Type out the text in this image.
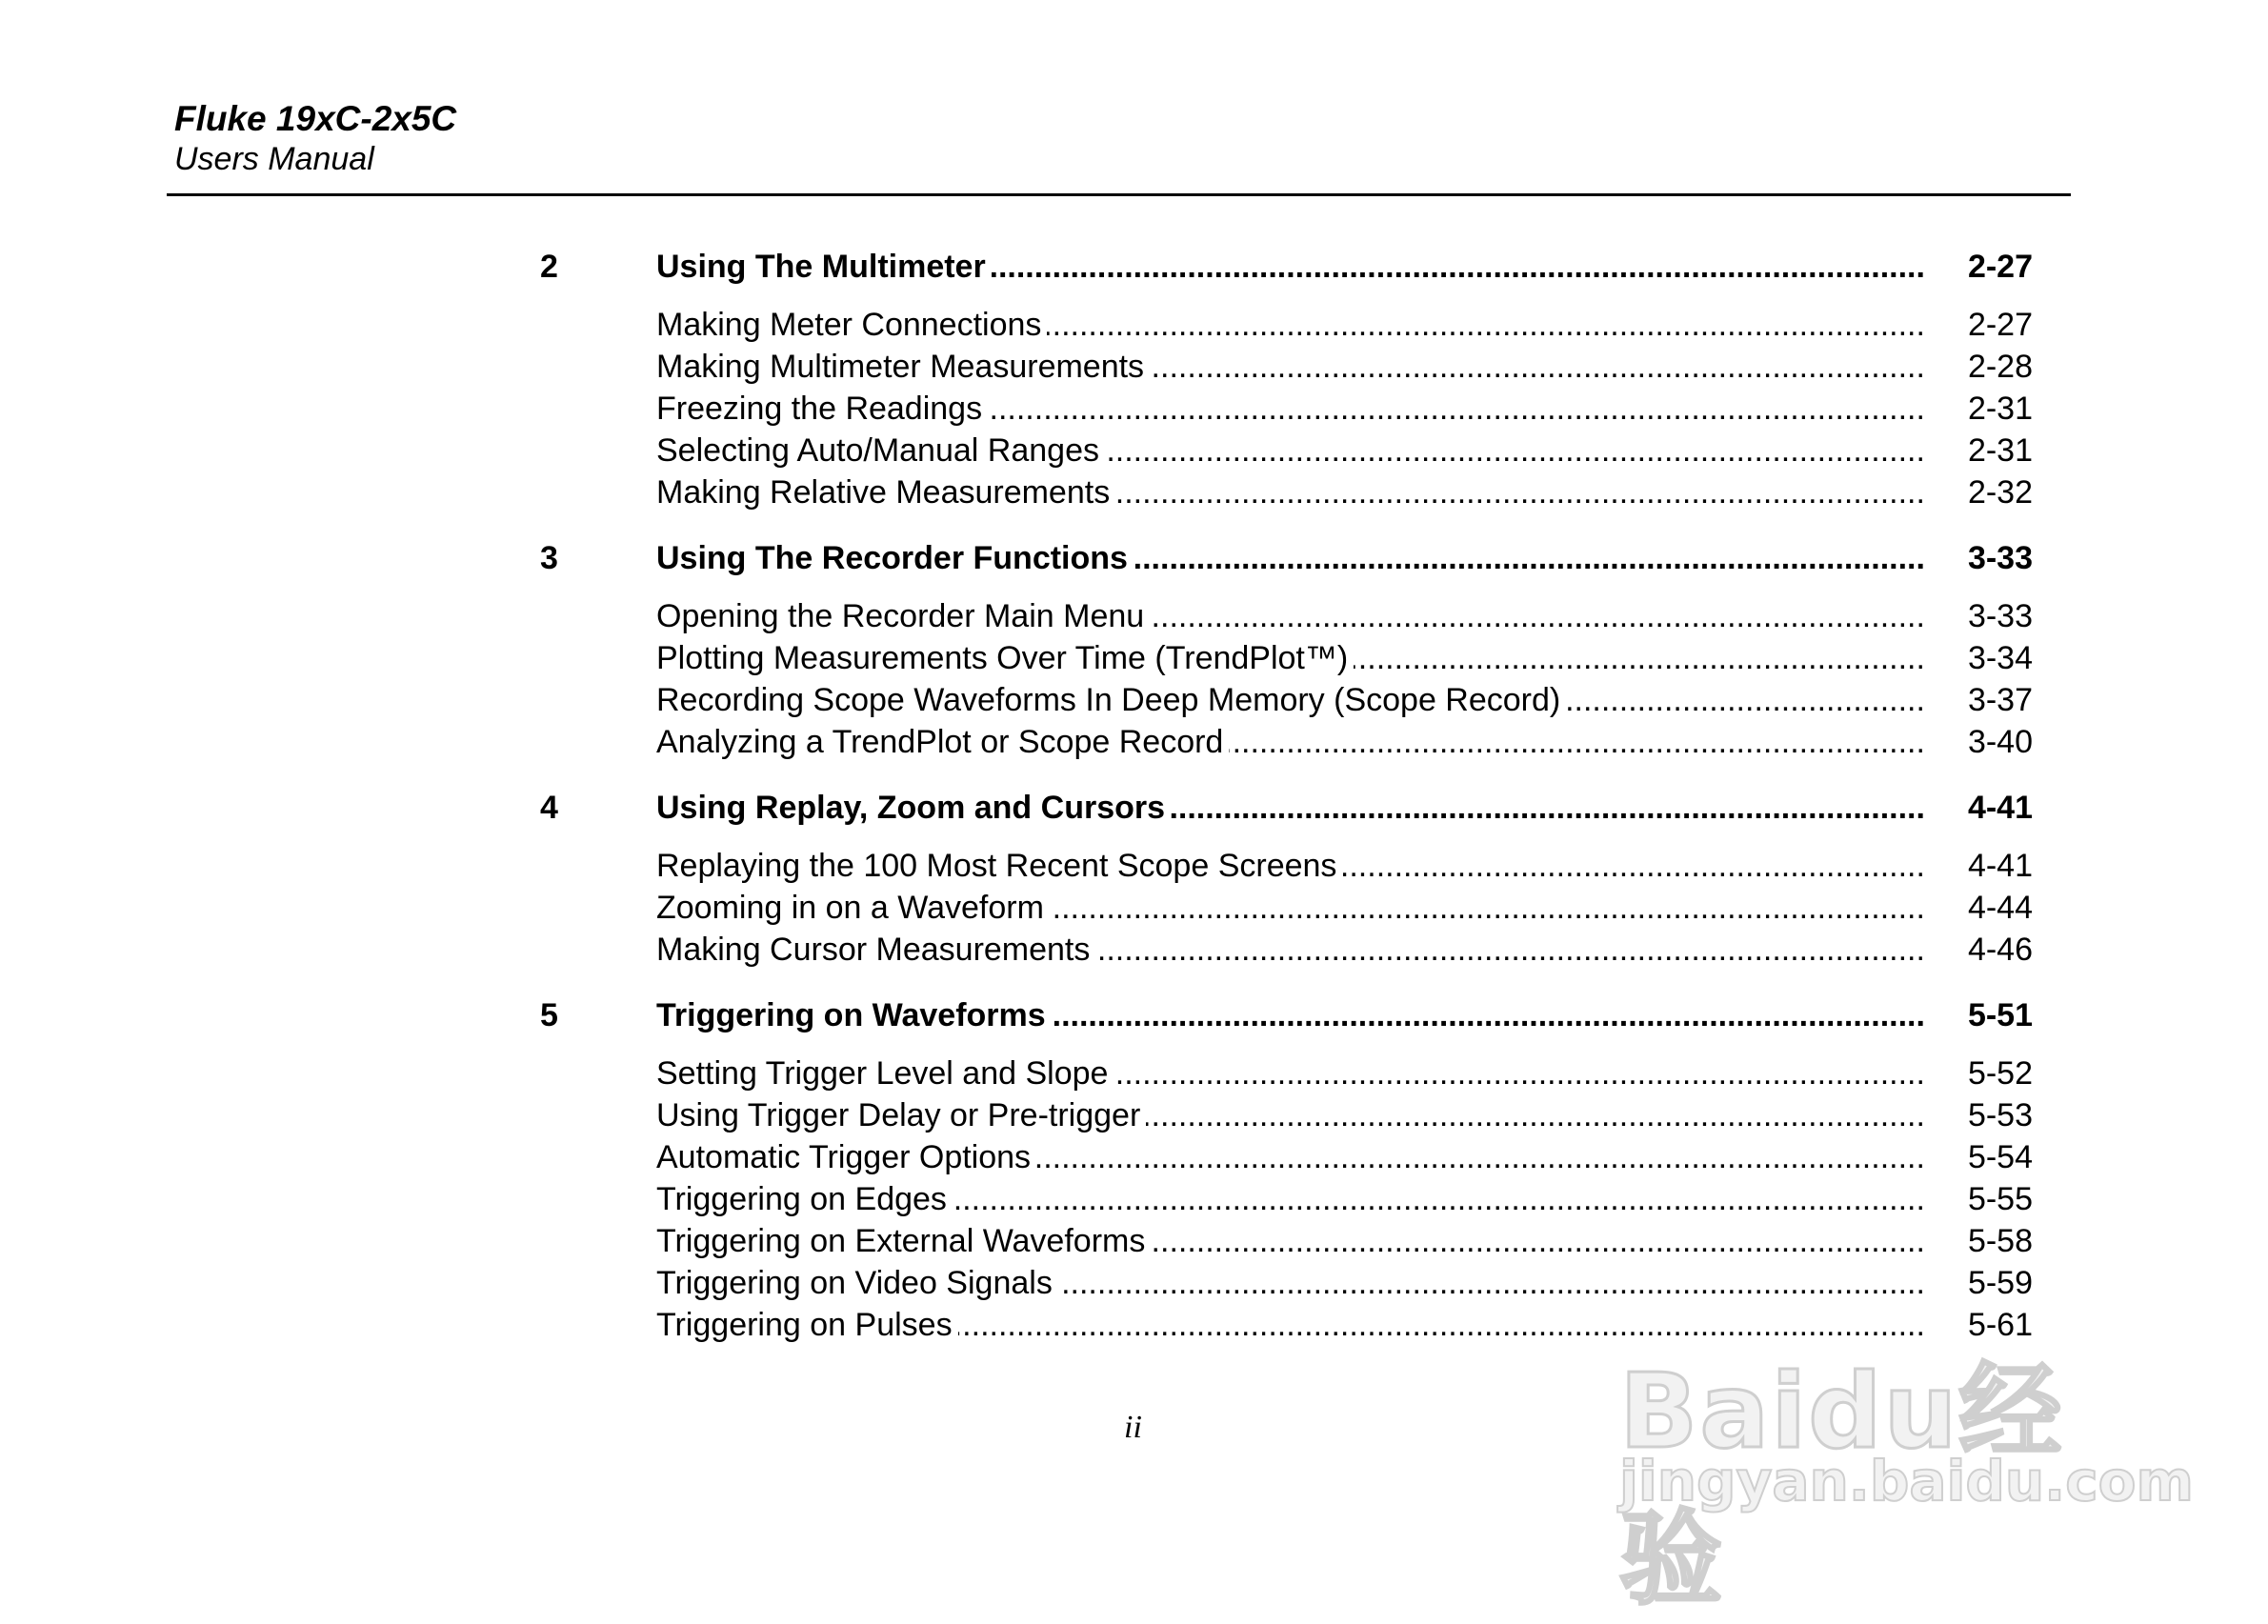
Fluke 19xC-2x5C
Users Manual
2	Using The Multimeter .....	2-27
Making Meter Connections .....	2-27
Making Multimeter Measurements .....	2-28
Freezing the Readings .....	2-31
Selecting Auto/Manual Ranges .....	2-31
Making Relative Measurements .....	2-32
3	Using The Recorder Functions .....	3-33
Opening the Recorder Main Menu .....	3-33
Plotting Measurements Over Time (TrendPlot™) .....	3-34
Recording Scope Waveforms In Deep Memory (Scope Record) .....	3-37
Analyzing a TrendPlot or Scope Record .....	3-40
4	Using Replay, Zoom and Cursors .....	4-41
Replaying the 100 Most Recent Scope Screens .....	4-41
Zooming in on a Waveform .....	4-44
Making Cursor Measurements .....	4-46
5	Triggering on Waveforms .....	5-51
Setting Trigger Level and Slope .....	5-52
Using Trigger Delay or Pre-trigger .....	5-53
Automatic Trigger Options .....	5-54
Triggering on Edges .....	5-55
Triggering on External Waveforms .....	5-58
Triggering on Video Signals .....	5-59
Triggering on Pulses .....	5-61
ii	Baidu经验
jingyan.baidu.com
